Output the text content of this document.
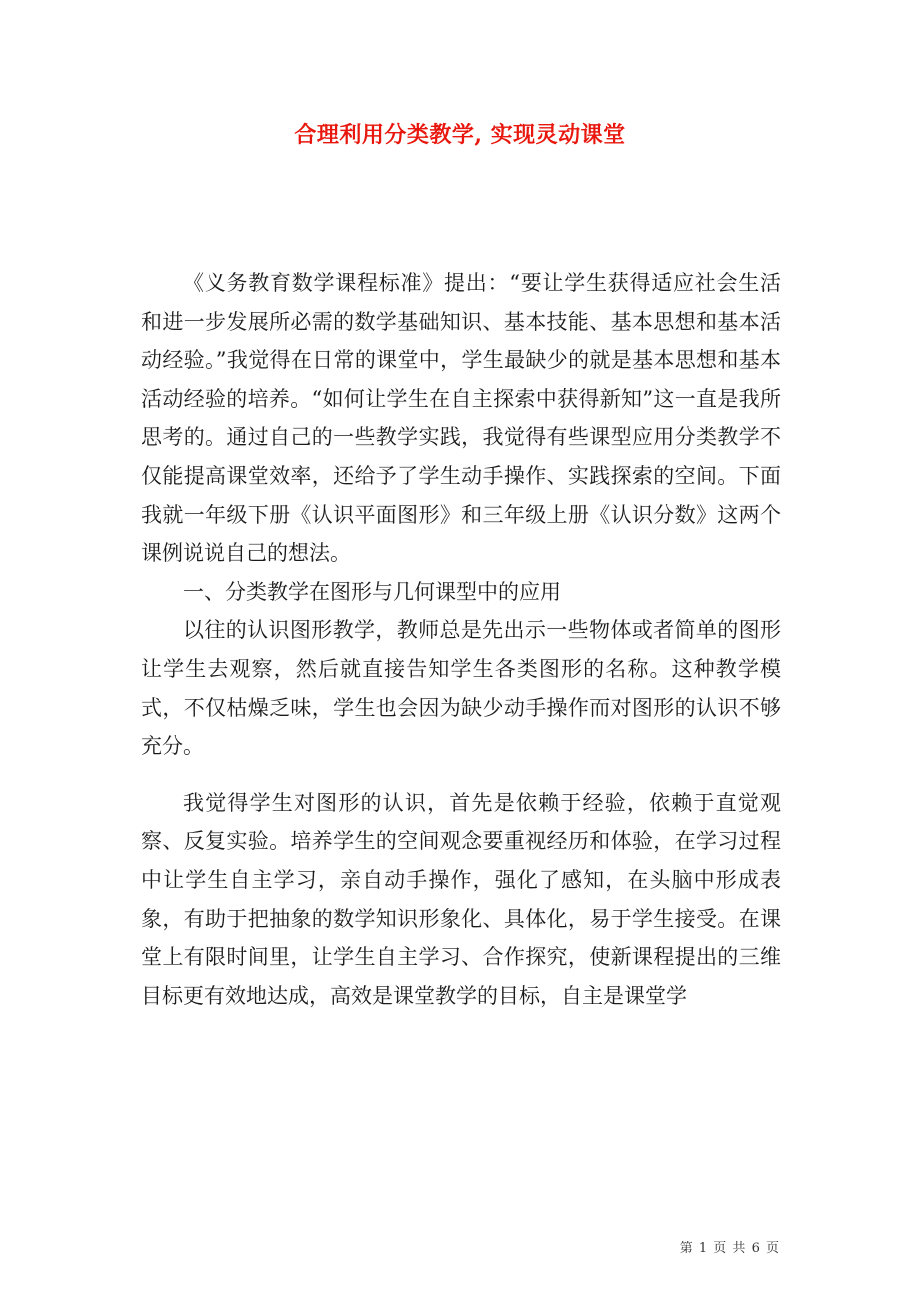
合理利用分类教学, 实现灵动课堂

《义务教育数学课程标准》提出：“要让学生获得适应社会生活和进一步发展所必需的数学基础知识、基本技能、基本思想和基本活动经验。”我觉得在日常的课堂中，学生最缺少的就是基本思想和基本活动经验的培养。“如何让学生在自主探索中获得新知”这一直是我所思考的。通过自己的一些教学实践，我觉得有些课型应用分类教学不仅能提高课堂效率，还给予了学生动手操作、实践探索的空间。下面我就一年级下册《认识平面图形》和三年级上册《认识分数》这两个课例说说自己的想法。

一、分类教学在图形与几何课型中的应用

以往的认识图形教学，教师总是先出示一些物体或者简单的图形让学生去观察，然后就直接告知学生各类图形的名称。这种教学模式，不仅枯燥乏味，学生也会因为缺少动手操作而对图形的认识不够充分。

我觉得学生对图形的认识，首先是依赖于经验，依赖于直觉观察、反复实验。培养学生的空间观念要重视经历和体验，在学习过程中让学生自主学习，亲自动手操作，强化了感知，在头脑中形成表象，有助于把抽象的数学知识形象化、具体化，易于学生接受。在课堂上有限时间里，让学生自主学习、合作探究，使新课程提出的三维目标更有效地达成，高效是课堂教学的目标，自主是课堂学

第 1 页 共 6 页
